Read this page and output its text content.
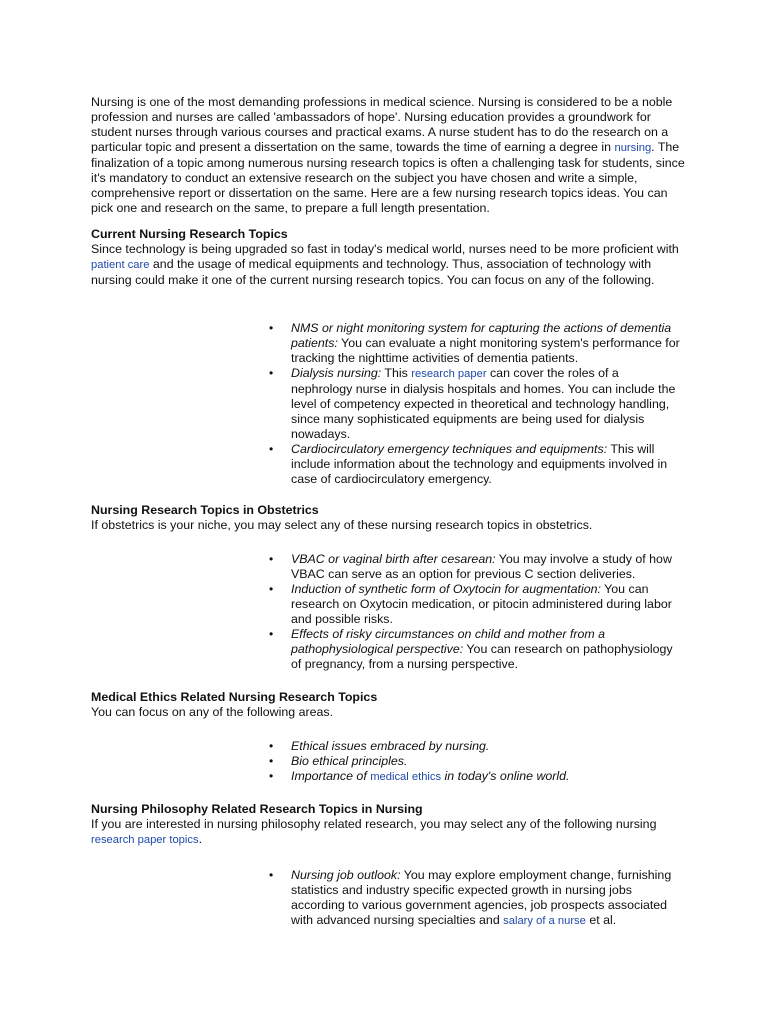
Nursing is one of the most demanding professions in medical science. Nursing is considered to be a noble profession and nurses are called 'ambassadors of hope'. Nursing education provides a groundwork for student nurses through various courses and practical exams. A nurse student has to do the research on a particular topic and present a dissertation on the same, towards the time of earning a degree in nursing. The finalization of a topic among numerous nursing research topics is often a challenging task for students, since it's mandatory to conduct an extensive research on the subject you have chosen and write a simple, comprehensive report or dissertation on the same. Here are a few nursing research topics ideas. You can pick one and research on the same, to prepare a full length presentation.

Current Nursing Research Topics

Since technology is being upgraded so fast in today's medical world, nurses need to be more proficient with patient care and the usage of medical equipments and technology. Thus, association of technology with nursing could make it one of the current nursing research topics. You can focus on any of the following.

• NMS or night monitoring system for capturing the actions of dementia patients: You can evaluate a night monitoring system's performance for tracking the nighttime activities of dementia patients.
• Dialysis nursing: This research paper can cover the roles of a nephrology nurse in dialysis hospitals and homes. You can include the level of competency expected in theoretical and technology handling, since many sophisticated equipments are being used for dialysis nowadays.
• Cardiocirculatory emergency techniques and equipments: This will include information about the technology and equipments involved in case of cardiocirculatory emergency.
Nursing Research Topics in Obstetrics

If obstetrics is your niche, you may select any of these nursing research topics in obstetrics.

• VBAC or vaginal birth after cesarean: You may involve a study of how VBAC can serve as an option for previous C section deliveries.
• Induction of synthetic form of Oxytocin for augmentation: You can research on Oxytocin medication, or pitocin administered during labor and possible risks.
• Effects of risky circumstances on child and mother from a pathophysiological perspective: You can research on pathophysiology of pregnancy, from a nursing perspective.
Medical Ethics Related Nursing Research Topics

You can focus on any of the following areas.

• Ethical issues embraced by nursing.
• Bio ethical principles.
• Importance of medical ethics in today's online world.
Nursing Philosophy Related Research Topics in Nursing

If you are interested in nursing philosophy related research, you may select any of the following nursing research paper topics.

• Nursing job outlook: You may explore employment change, furnishing statistics and industry specific expected growth in nursing jobs according to various government agencies, job prospects associated with advanced nursing specialties and salary of a nurse et al.
